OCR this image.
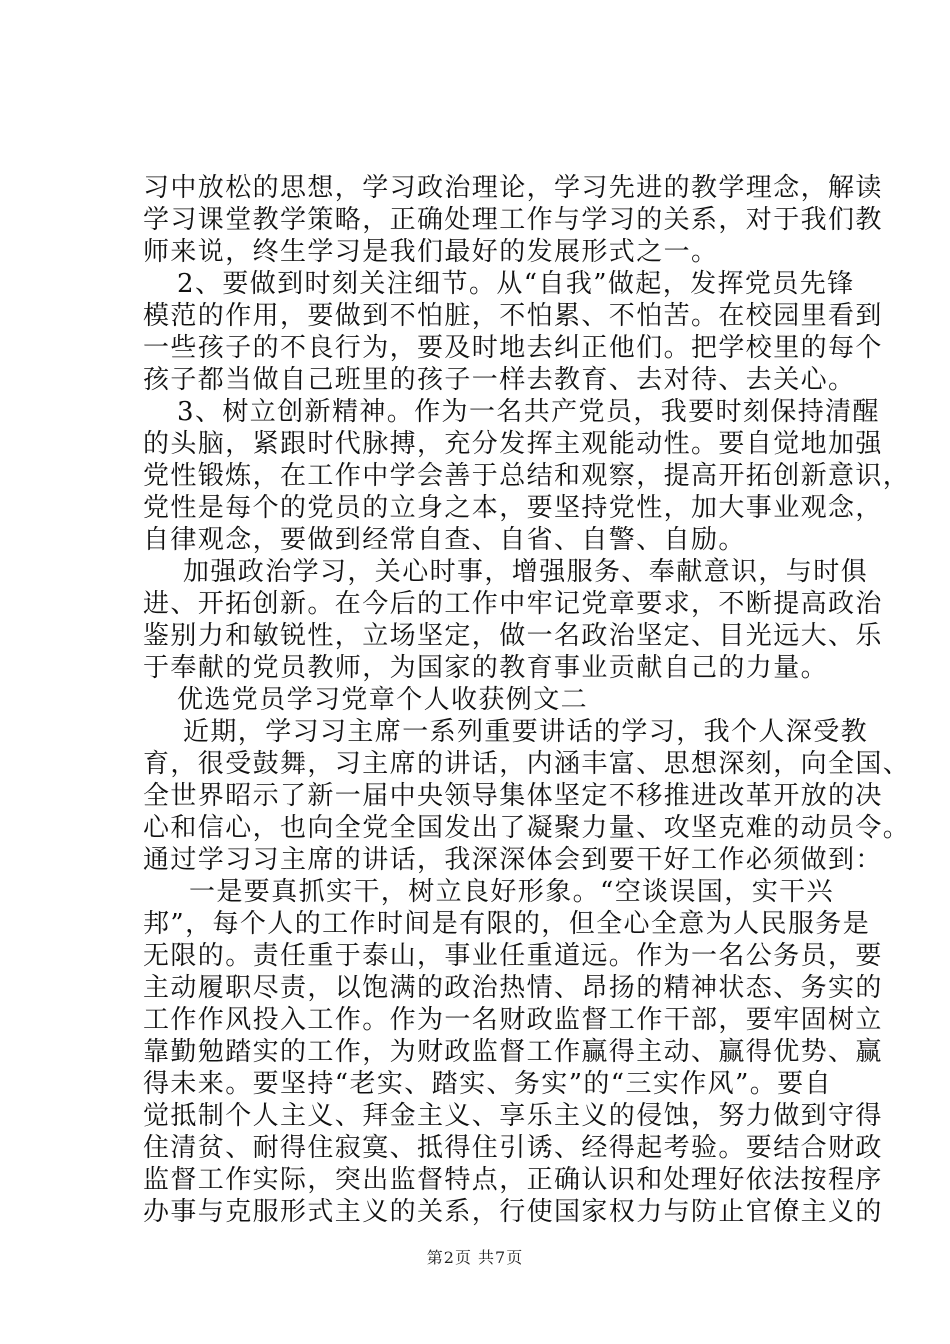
习中放松的思想，学习政治理论，学习先进的教学理念，解读
学习课堂教学策略，正确处理工作与学习的关系，对于我们教
师来说，终生学习是我们最好的发展形式之一。
2、要做到时刻关注细节。从“自我”做起，发挥党员先锋
模范的作用，要做到不怕脏，不怕累、不怕苦。在校园里看到
一些孩子的不良行为，要及时地去纠正他们。把学校里的每个
孩子都当做自己班里的孩子一样去教育、去对待、去关心。
3、树立创新精神。作为一名共产党员，我要时刻保持清醒
的头脑，紧跟时代脉搏，充分发挥主观能动性。要自觉地加强
党性锻炼，在工作中学会善于总结和观察，提高开拓创新意识，
党性是每个的党员的立身之本，要坚持党性，加大事业观念，
自律观念，要做到经常自查、自省、自警、自励。
加强政治学习，关心时事，增强服务、奉献意识，与时俱
进、开拓创新。在今后的工作中牢记党章要求，不断提高政治
鉴别力和敏锐性，立场坚定，做一名政治坚定、目光远大、乐
于奉献的党员教师，为国家的教育事业贡献自己的力量。
优选党员学习党章个人收获例文二
近期，学习习主席一系列重要讲话的学习，我个人深受教
育，很受鼓舞，习主席的讲话，内涵丰富、思想深刻，向全国、
全世界昭示了新一届中央领导集体坚定不移推进改革开放的决
心和信心，也向全党全国发出了凝聚力量、攻坚克难的动员令。
通过学习习主席的讲话，我深深体会到要干好工作必须做到：
一是要真抓实干，树立良好形象。“空谈误国，实干兴
邦”，每个人的工作时间是有限的，但全心全意为人民服务是
无限的。责任重于泰山，事业任重道远。作为一名公务员，要
主动履职尽责，以饱满的政治热情、昂扬的精神状态、务实的
工作作风投入工作。作为一名财政监督工作干部，要牢固树立
靠勤勉踏实的工作，为财政监督工作赢得主动、赢得优势、赢
得未来。要坚持“老实、踏实、务实”的“三实作风”。要自
觉抵制个人主义、拜金主义、享乐主义的侵蚀，努力做到守得
住清贫、耐得住寂寞、抵得住引诱、经得起考验。要结合财政
监督工作实际，突出监督特点，正确认识和处理好依法按程序
办事与克服形式主义的关系，行使国家权力与防止官僚主义的
第2页 共7页
